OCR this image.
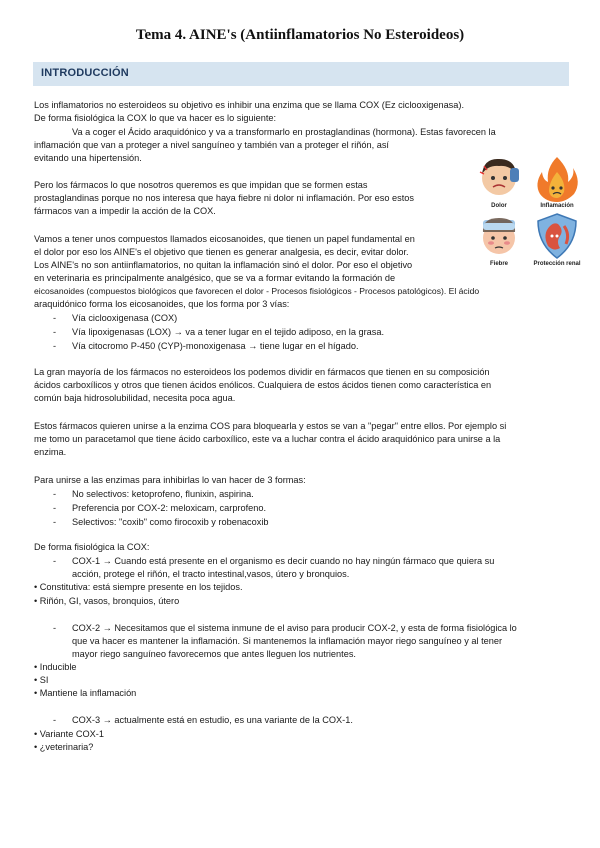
Tema 4. AINE's (Antiinflamatorios No Esteroideos)
INTRODUCCIÓN
Los inflamatorios no esteroideos su objetivo es inhibir una enzima que se llama COX (Ez ciclooxigenasa).
De forma fisiológica la COX lo que va hacer es lo siguiente:
Va a coger el Ácido araquidónico y va a transformarlo en prostaglandinas (hormona). Estas favorecen la
inflamación que van a proteger a nivel sanguíneo y también van a proteger el riñón, así
evitando una hipertensión.
Pero los fármacos lo que nosotros queremos es que impidan que se formen estas
prostaglandinas porque no nos interesa que haya fiebre ni dolor ni inflamación. Por eso estos
fármacos van a impedir la acción de la COX.	Dolor	Inflamación
Fiebre	Protección renal
Vamos a tener unos compuestos llamados eicosanoides, que tienen un papel fundamental en
el dolor por eso los AINE's el objetivo que tienen es generar analgesia, es decir, evitar dolor.
Los AINE's no son antiinflamatorios, no quitan la inflamación sinó el dolor. Por eso el objetivo
en veterinaria es principalmente analgésico, que se va a formar evitando la formación de
eicosanoides (compuestos biológicos que favorecen el dolor - Procesos fisiológicos - Procesos patológicos). El ácido
araquidónico forma los eicosanoides, que los forma por 3 vías:
- Vía ciclooxigenasa (COX)
- Vía lipoxigenasas (LOX) → va a tener lugar en el tejido adiposo, en la grasa.
- Vía citocromo P-450 (CYP)-monoxigenasa → tiene lugar en el hígado.
La gran mayoría de los fármacos no esteroideos los podemos dividir en fármacos que tienen en su composición
ácidos carboxílicos y otros que tienen ácidos enólicos. Cualquiera de estos ácidos tienen como característica en
común baja hidrosolubilidad, necesita poca agua.
Estos fármacos quieren unirse a la enzima COS para bloquearla y estos se van a "pegar" entre ellos. Por ejemplo si
me tomo un paracetamol que tiene ácido carboxílico, este va a luchar contra el ácido araquidónico para unirse a la
enzima.
Para unirse a las enzimas para inhibirlas lo van hacer de 3 formas:
- No selectivos: ketoprofeno, flunixin, aspirina.
- Preferencia por COX-2: meloxicam, carprofeno.
- Selectivos: "coxib" como firocoxib y robenacoxib
De forma fisiológica la COX:
- COX-1 → Cuando está presente en el organismo es decir cuando no hay ningún fármaco que quiera su
acción, protege el riñón, el tracto intestinal,vasos, útero y bronquios.
• Constitutiva: está siempre presente en los tejidos.
• Riñón, GI, vasos, bronquios, útero
- COX-2 → Necesitamos que el sistema inmune de el aviso para producir COX-2, y esta de forma fisiológica lo
que va hacer es mantener la inflamación. Si mantenemos la inflamación mayor riego sanguíneo y al tener
mayor riego sanguíneo favorecemos que antes lleguen los nutrientes.
• Inducible
• SI
• Mantiene la inflamación
- COX-3 → actualmente está en estudio, es una variante de la COX-1.
• Variante COX-1
• ¿veterinaria?
